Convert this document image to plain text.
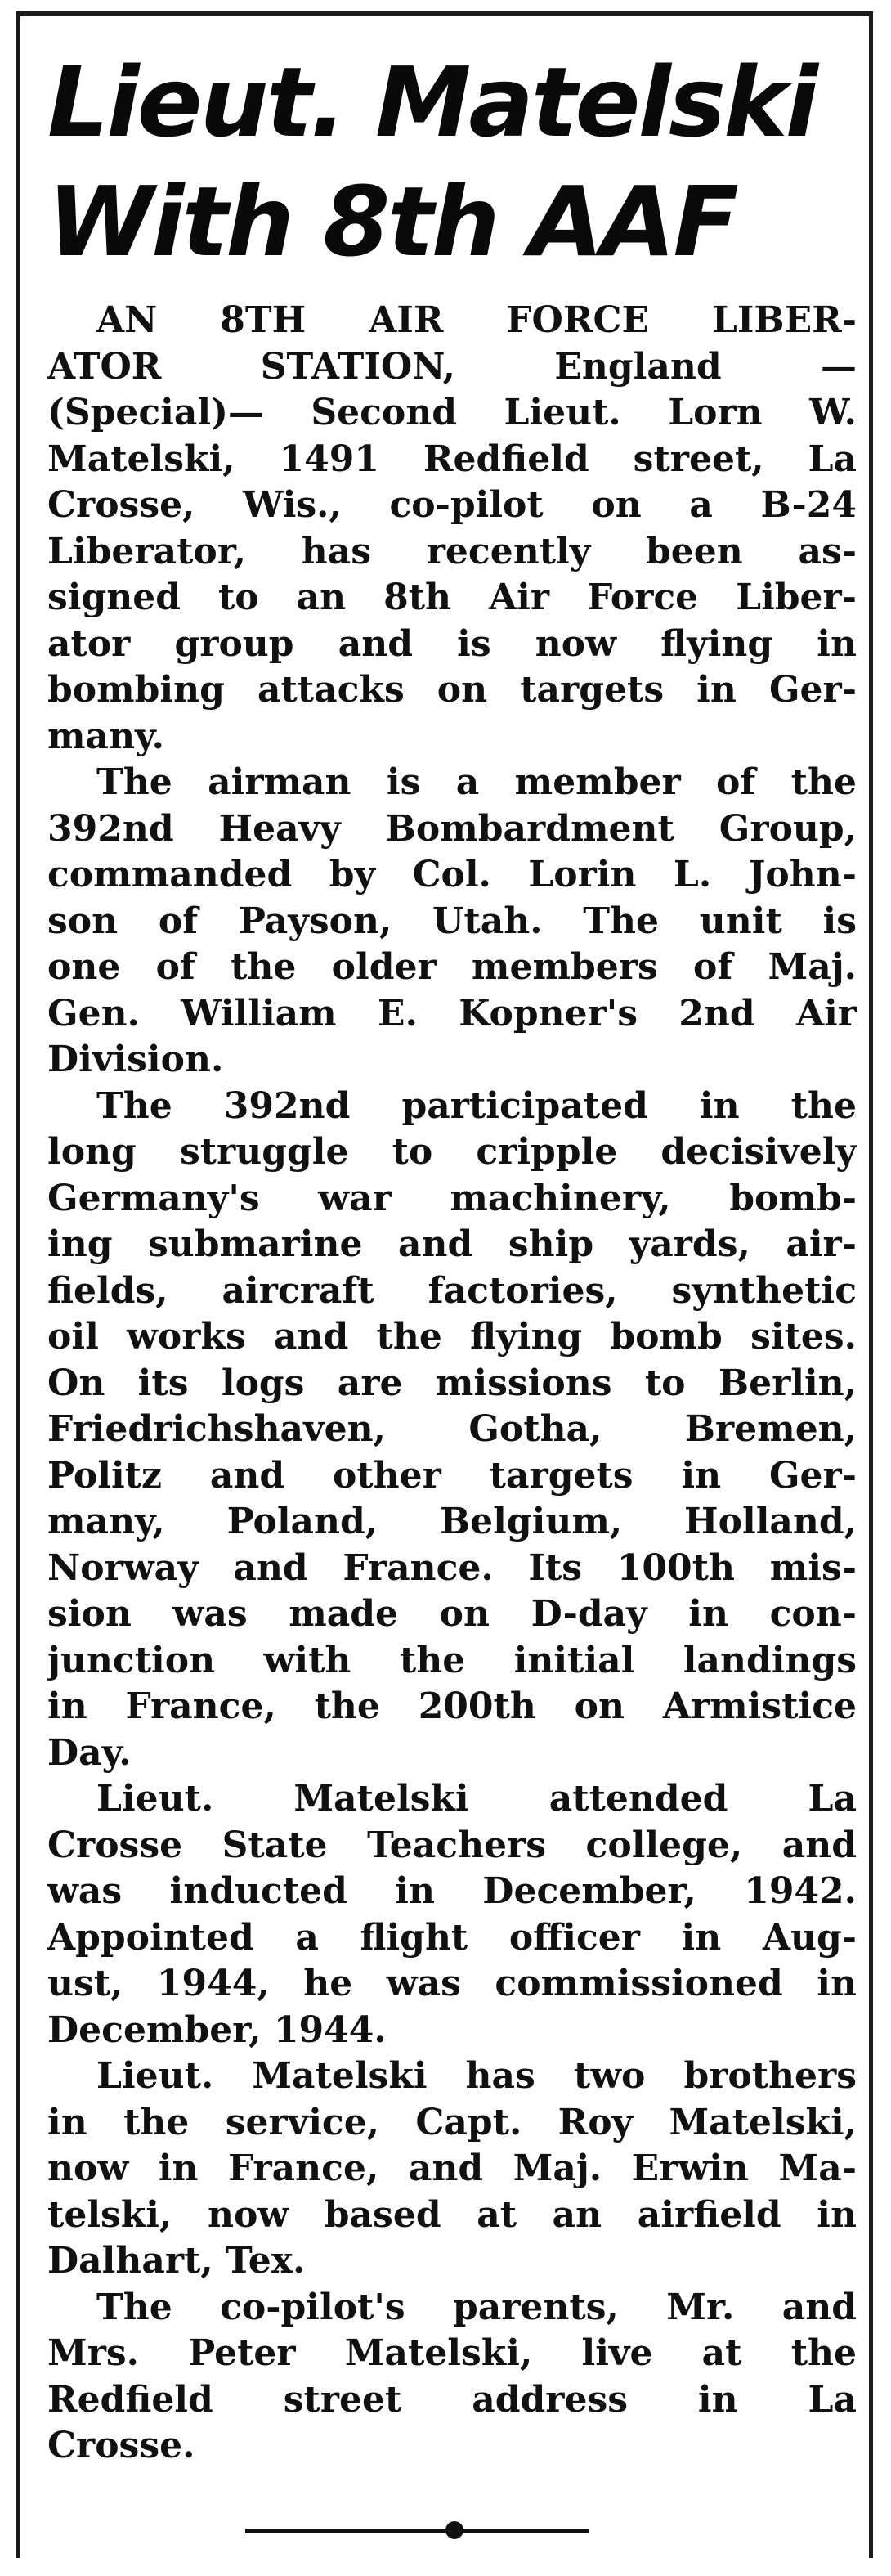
Lieut. Matelski
With 8th AAF
AN 8TH AIR FORCE LIBER-
ATOR STATION, England —
(Special)— Second Lieut. Lorn W.
Matelski, 1491 Redfield street, La
Crosse, Wis., co-pilot on a B-24
Liberator, has recently been as-
signed to an 8th Air Force Liber-
ator group and is now flying in
bombing attacks on targets in Ger-
many.
The airman is a member of the
392nd Heavy Bombardment Group,
commanded by Col. Lorin L. John-
son of Payson, Utah. The unit is
one of the older members of Maj.
Gen. William E. Kopner's 2nd Air
Division.
The 392nd participated in the
long struggle to cripple decisively
Germany's war machinery, bomb-
ing submarine and ship yards, air-
fields, aircraft factories, synthetic
oil works and the flying bomb sites.
On its logs are missions to Berlin,
Friedrichshaven, Gotha, Bremen,
Politz and other targets in Ger-
many, Poland, Belgium, Holland,
Norway and France. Its 100th mis-
sion was made on D-day in con-
junction with the initial landings
in France, the 200th on Armistice
Day.
Lieut. Matelski attended La
Crosse State Teachers college, and
was inducted in December, 1942.
Appointed a flight officer in Aug-
ust, 1944, he was commissioned in
December, 1944.
Lieut. Matelski has two brothers
in the service, Capt. Roy Matelski,
now in France, and Maj. Erwin Ma-
telski, now based at an airfield in
Dalhart, Tex.
The co-pilot's parents, Mr. and
Mrs. Peter Matelski, live at the
Redfield street address in La
Crosse.
